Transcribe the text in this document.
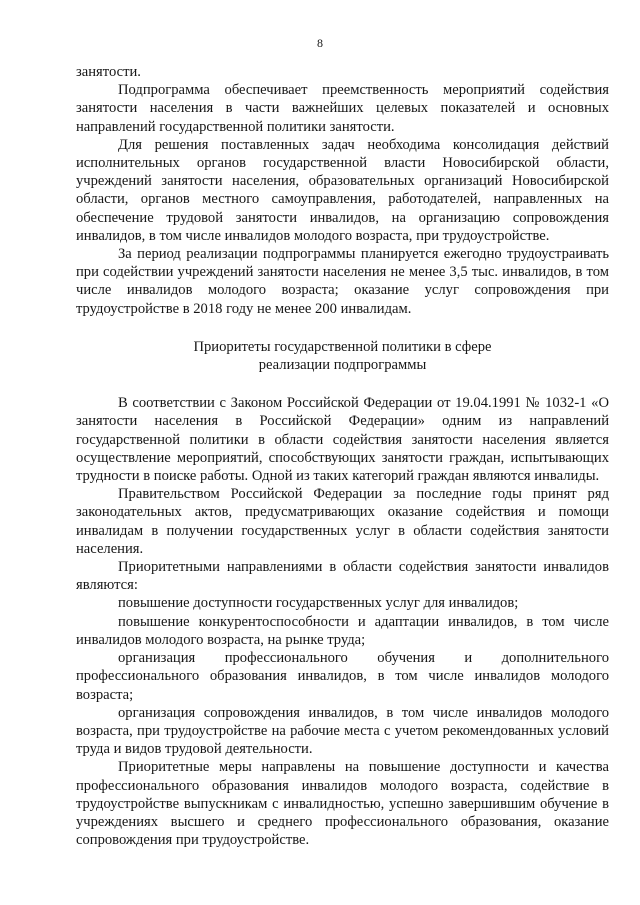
8

занятости.

Подпрограмма обеспечивает преемственность мероприятий содействия занятости населения в части важнейших целевых показателей и основных направлений государственной политики занятости.

Для решения поставленных задач необходима консолидация действий исполнительных органов государственной власти Новосибирской области, учреждений занятости населения, образовательных организаций Новосибирской области, органов местного самоуправления, работодателей, направленных на обеспечение трудовой занятости инвалидов, на организацию сопровождения инвалидов, в том числе инвалидов молодого возраста, при трудоустройстве.

За период реализации подпрограммы планируется ежегодно трудоустраивать при содействии учреждений занятости населения не менее 3,5 тыс. инвалидов, в том числе инвалидов молодого возраста; оказание услуг сопровождения при трудоустройстве в 2018 году не менее 200 инвалидам.

Приоритеты государственной политики в сфере
реализации подпрограммы

В соответствии с Законом Российской Федерации от 19.04.1991 № 1032-1 «О занятости населения в Российской Федерации» одним из направлений государственной политики в области содействия занятости населения является осуществление мероприятий, способствующих занятости граждан, испытывающих трудности в поиске работы. Одной из таких категорий граждан являются инвалиды.

Правительством Российской Федерации за последние годы принят ряд законодательных актов, предусматривающих оказание содействия и помощи инвалидам в получении государственных услуг в области содействия занятости населения.

Приоритетными направлениями в области содействия занятости инвалидов являются:

повышение доступности государственных услуг для инвалидов;

повышение конкурентоспособности и адаптации инвалидов, в том числе инвалидов молодого возраста, на рынке труда;

организация профессионального обучения и дополнительного профессионального образования инвалидов, в том числе инвалидов молодого возраста;

организация сопровождения инвалидов, в том числе инвалидов молодого возраста, при трудоустройстве на рабочие места с учетом рекомендованных условий труда и видов трудовой деятельности.

Приоритетные меры направлены на повышение доступности и качества профессионального образования инвалидов молодого возраста, содействие в трудоустройстве выпускникам с инвалидностью, успешно завершившим обучение в учреждениях высшего и среднего профессионального образования, оказание сопровождения при трудоустройстве.
